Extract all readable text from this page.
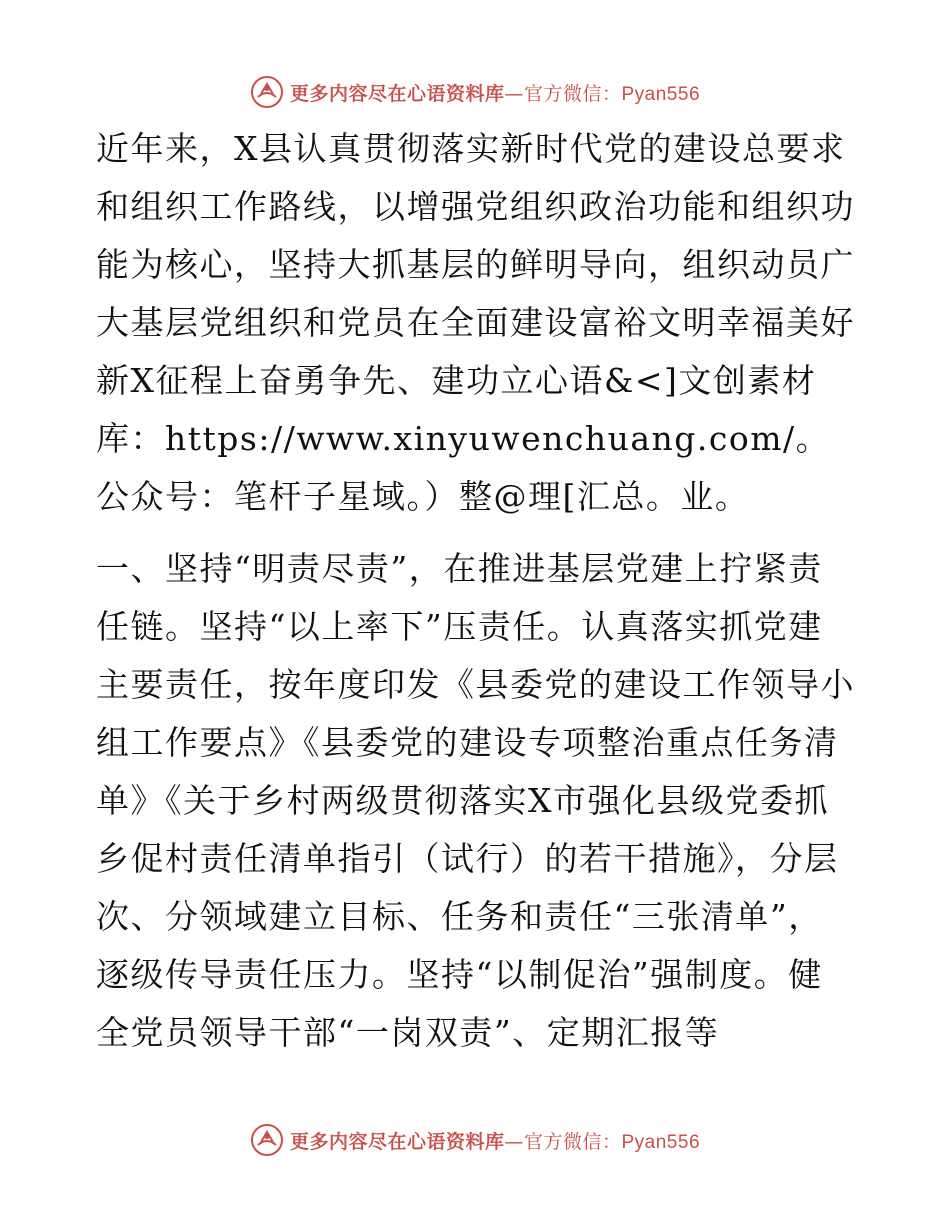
更多内容尽在心语资料库—官方微信：Pyan556

近年来，X县认真贯彻落实新时代党的建设总要求和组织工作路线，以增强党组织政治功能和组织功能为核心，坚持大抓基层的鲜明导向，组织动员广大基层党组织和党员在全面建设富裕文明幸福美好新X征程上奋勇争先、建功立心语&<]文创素材库：https://www.xinyuwenchuang.com/。公众号：笔杆子星域。）整@理[汇总。业。

一、坚持“明责尽责”，在推进基层党建上拧紧责任链。坚持“以上率下”压责任。认真落实抓党建主要责任，按年度印发《县委党的建设工作领导小组工作要点》《县委党的建设专项整治重点任务清单》《关于乡村两级贯彻落实X市强化县级党委抓乡促村责任清单指引（试行）的若干措施》，分层次、分领域建立目标、任务和责任“三张清单”，逐级传导责任压力。坚持“以制促治”强制度。健全党员领导干部“一岗双责”、定期汇报等

更多内容尽在心语资料库—官方微信：Pyan556
